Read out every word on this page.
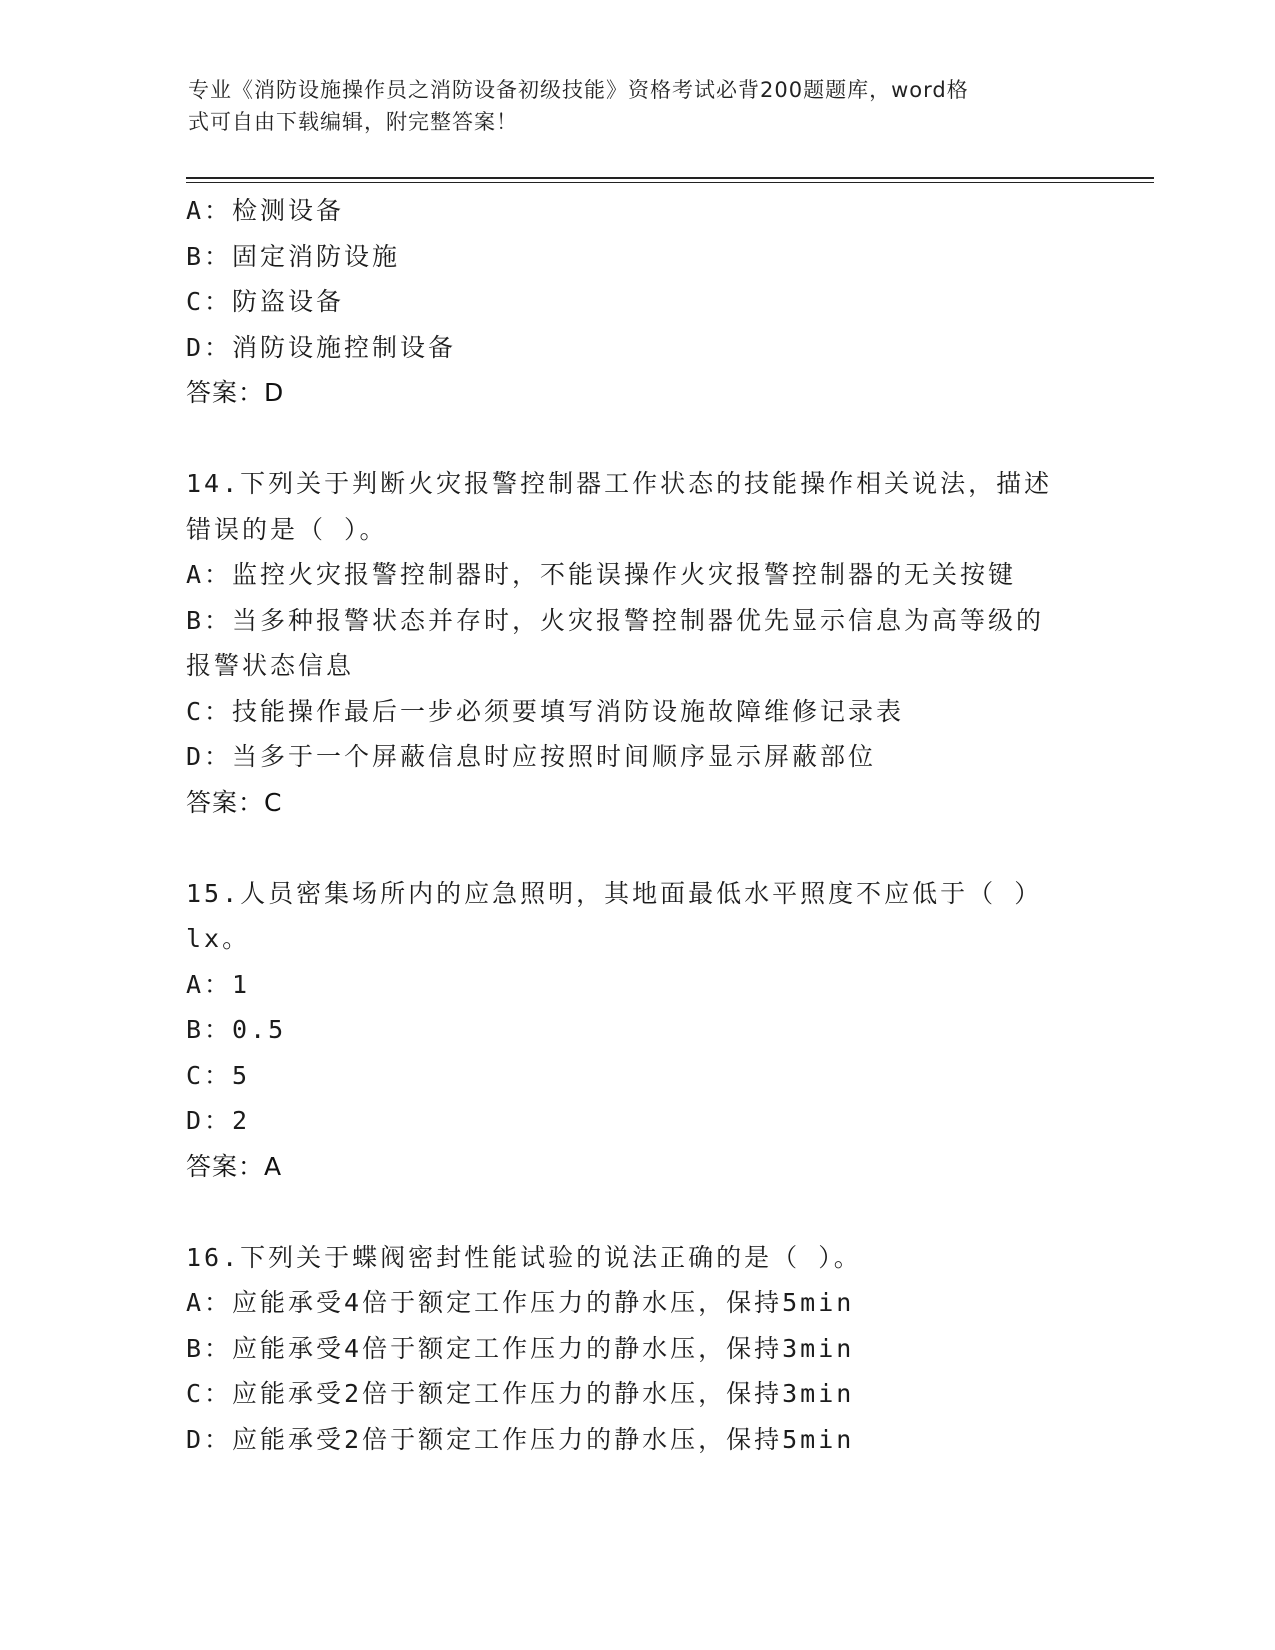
专业《消防设施操作员之消防设备初级技能》资格考试必背200题题库，word格
式可自由下载编辑，附完整答案！
A：检测设备
B：固定消防设施
C：防盗设备
D：消防设施控制设备
答案：D
14.下列关于判断火灾报警控制器工作状态的技能操作相关说法，描述
错误的是（ ）。
A：监控火灾报警控制器时，不能误操作火灾报警控制器的无关按键
B：当多种报警状态并存时，火灾报警控制器优先显示信息为高等级的
报警状态信息
C：技能操作最后一步必须要填写消防设施故障维修记录表
D：当多于一个屏蔽信息时应按照时间顺序显示屏蔽部位
答案：C
15.人员密集场所内的应急照明，其地面最低水平照度不应低于（ ）
lx。
A：1
B：0.5
C：5
D：2
答案：A
16.下列关于蝶阀密封性能试验的说法正确的是（ ）。
A：应能承受4倍于额定工作压力的静水压，保持5min
B：应能承受4倍于额定工作压力的静水压，保持3min
C：应能承受2倍于额定工作压力的静水压，保持3min
D：应能承受2倍于额定工作压力的静水压，保持5min
